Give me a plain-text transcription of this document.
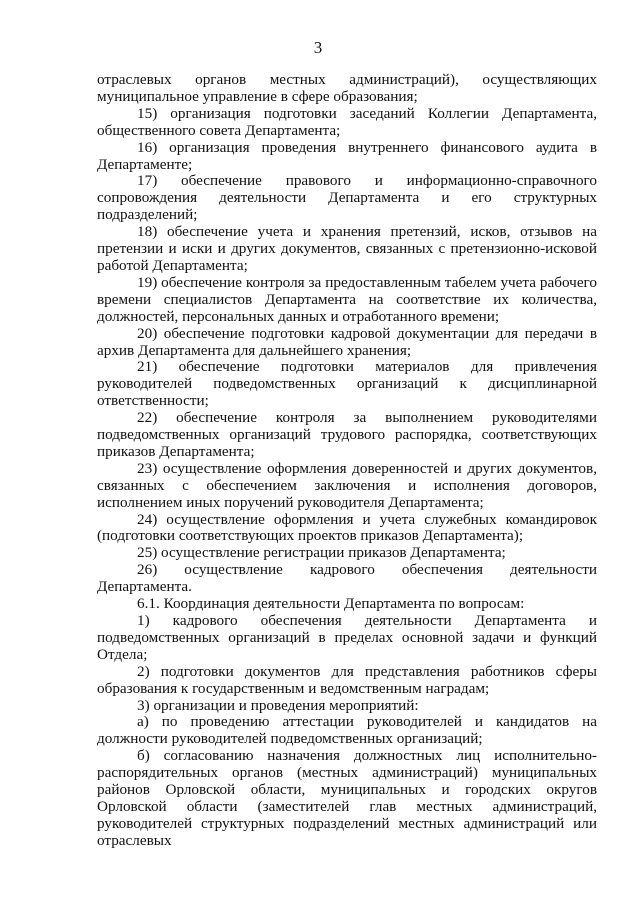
3

отраслевых органов местных администраций), осуществляющих муниципальное управление в сфере образования;

15) организация подготовки заседаний Коллегии Департамента, общественного совета Департамента;

16) организация проведения внутреннего финансового аудита в Департаменте;

17) обеспечение правового и информационно-справочного сопровождения деятельности Департамента и его структурных подразделений;

18) обеспечение учета и хранения претензий, исков, отзывов на претензии и иски и других документов, связанных с претензионно-исковой работой Департамента;

19) обеспечение контроля за предоставленным табелем учета рабочего времени специалистов Департамента на соответствие их количества, должностей, персональных данных и отработанного времени;

20) обеспечение подготовки кадровой документации для передачи в архив Департамента для дальнейшего хранения;

21) обеспечение подготовки материалов для привлечения руководителей подведомственных организаций к дисциплинарной ответственности;

22) обеспечение контроля за выполнением руководителями подведомственных организаций трудового распорядка, соответствующих приказов Департамента;

23) осуществление оформления доверенностей и других документов, связанных с обеспечением заключения и исполнения договоров, исполнением иных поручений руководителя Департамента;

24) осуществление оформления и учета служебных командировок (подготовки соответствующих проектов приказов Департамента);

25) осуществление регистрации приказов Департамента;

26) осуществление кадрового обеспечения деятельности Департамента.

6.1. Координация деятельности Департамента по вопросам:

1) кадрового обеспечения деятельности Департамента и подведомственных организаций в пределах основной задачи и функций Отдела;

2) подготовки документов для представления работников сферы образования к государственным и ведомственным наградам;

3) организации и проведения мероприятий:

а) по проведению аттестации руководителей и кандидатов на должности руководителей подведомственных организаций;

б) согласованию назначения должностных лиц исполнительно-распорядительных органов (местных администраций) муниципальных районов Орловской области, муниципальных и городских округов Орловской области (заместителей глав местных администраций, руководителей структурных подразделений местных администраций или отраслевых
